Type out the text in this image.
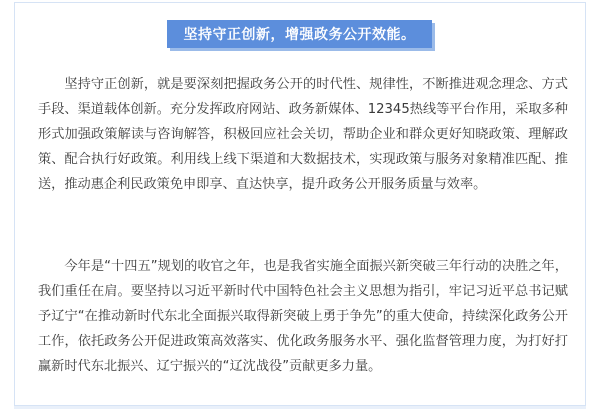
坚持守正创新，增强政务公开效能。

坚持守正创新，就是要深刻把握政务公开的时代性、规律性，不断推进观念理念、方式手段、渠道载体创新。充分发挥政府网站、政务新媒体、12345热线等平台作用，采取多种形式加强政策解读与咨询解答，积极回应社会关切，帮助企业和群众更好知晓政策、理解政策、配合执行好政策。利用线上线下渠道和大数据技术，实现政策与服务对象精准匹配、推送，推动惠企利民政策免申即享、直达快享，提升政务公开服务质量与效率。

今年是“十四五”规划的收官之年，也是我省实施全面振兴新突破三年行动的决胜之年，我们重任在肩。要坚持以习近平新时代中国特色社会主义思想为指引，牢记习近平总书记赋予辽宁“在推动新时代东北全面振兴取得新突破上勇于争先”的重大使命，持续深化政务公开工作，依托政务公开促进政策高效落实、优化政务服务水平、强化监督管理力度，为打好打赢新时代东北振兴、辽宁振兴的“辽沈战役”贡献更多力量。
